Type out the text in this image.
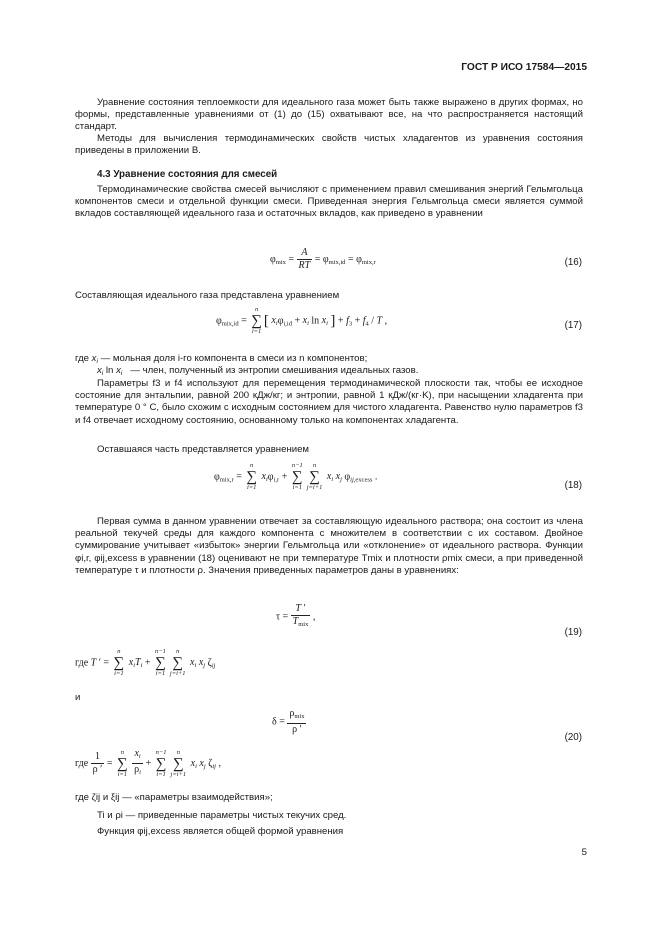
ГОСТ Р ИСО 17584—2015

Уравнение состояния теплоемкости для идеального газа может быть также выражено в других формах, но формы, представленные уравнениями от (1) до (15) охватывают все, на что распространяется настоящий стандарт.

Методы для вычисления термодинамических свойств чистых хладагентов из уравнения состояния приведены в приложении В.

4.3 Уравнение состояния для смесей

Термодинамические свойства смесей вычисляют с применением правил смешивания энергий Гельмгольца компонентов смеси и отдельной функции смеси. Приведенная энергия Гельмгольца смеси является суммой вкладов составляющей идеального газа и остаточных вкладов, как приведено в уравнении

$\varphi_{mix} = \frac{A}{RT} = \varphi_{mix,id} = \varphi_{mix,r}$	(16)

Составляющая идеального газа представлена уравнением

$\varphi_{mix,id}$ =
n
∑
i=1
[ $x_i\varphi_{i,id} + x_i$ $\ln x_i$ ] + $f_3 + f_4 / T$ ,	(17)
где $x_i$ — мольная доля i-го компонента в смеси из n компонентов;
$x_i$ $\ln x_i$ — член, полученный из энтропии смешивания идеальных газов.

Параметры f3 и f4 используют для перемещения термодинамической плоскости так, чтобы ее исходное состояние для энтальпии, равной 200 кДж/кг; и энтропии, равной 1 кДж/(кг·K), при насыщении хладагента при температуре 0 ° C, было схожим с исходным состоянием для чистого хладагента. Равенство нулю параметров f3 и f4 отвечает исходному состоянию, основанному только на компонентах хладагента.

Оставшаяся часть представляется уравнением

$\varphi_{mix,r}$ =
n
∑
i=1
$x_i\varphi_{i,r}$ +
n−1
∑
i=1
n
∑
j=i+1
$x_i$ $x_j$ $\varphi_{ij,excess}$ .
(18)

Первая сумма в данном уравнении отвечает за составляющую идеального раствора; она состоит из члена реальной текучей среды для каждого компонента с множителем в соответствии с их составом. Двойное суммирование учитывает «избыток» энергии Гельмгольца или «отклонение» от идеального раствора. Функции φi,r, φij,excess в уравнении (18) оценивают не при температуре Tmix и плотности ρmix смеси, а при приведенной температуре τ и плотности ρ. Значения приведенных параметров даны в уравнениях:

$\tau = \frac{T '}{T_{mix}}$ ,
(19)
где T ′ =
n
∑
i=1
$x_iT_i$ +
n−1
∑
i=1
n
∑
j=i+1
$x_i$ $x_j$ $\zeta_{ij}$
и
$\delta = \frac{\rho_{mix}}{\rho '}$
(20)
где $\frac{1}{\rho '}$ =
n
∑
i=1
$\frac{x_i}{\rho_i}$ +
n−1
∑
i=1
n
∑
j=i+1
$x_i$ $x_j$ $\zeta_{ij}$ ,
где ζij и ξij — «параметры взаимодействия»;
Ti и ρi — приведенные параметры чистых текучих сред.
Функция φij,excess является общей формой уравнения
5
